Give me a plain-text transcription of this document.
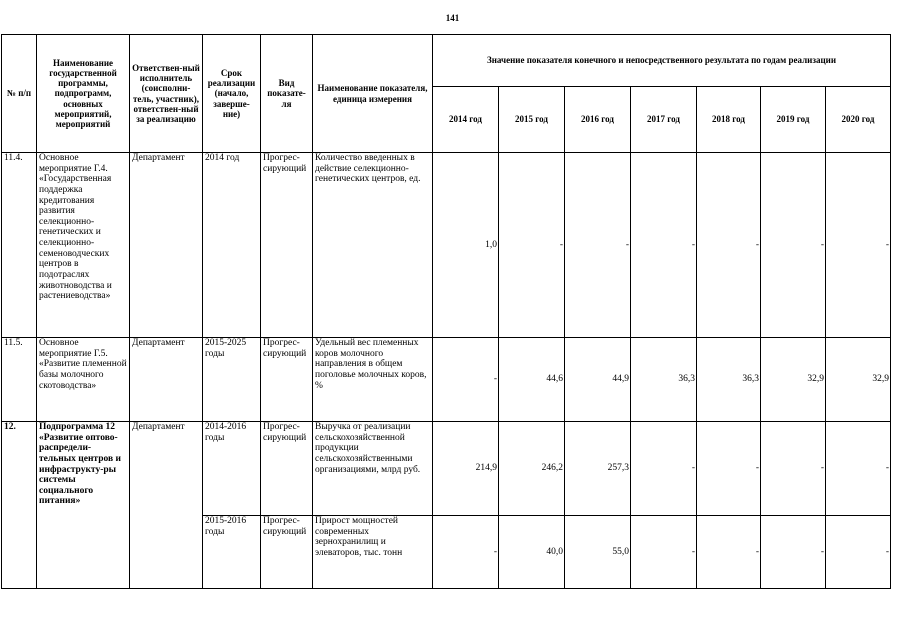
141
№ п/п	Наименование государственной программы, подпрограмм, основных мероприятий, мероприятий	Ответствен-ный исполнитель (соисполни-тель, участник), ответствен-ный за реализацию	Срок реализации (начало, заверше-ние)	Вид показате-ля	Наименование показателя, единица измерения	Значение показателя конечного и непосредственного результата по годам реализации						
						2014 год	2015 год	2016 год	2017 год	2018 год	2019 год	2020 год
11.4.	Основное мероприятие Г.4. «Государственная поддержка кредитования развития селекционно-генетических и селекционно-семеноводческих центров в подотраслях животноводства и растениеводства»	Департамент	2014 год	Прогрес-сирующий	Количество введенных в действие селекционно-генетических центров, ед.	1,0	-	-	-	-	-	-
11.5.	Основное мероприятие Г.5. «Развитие племенной базы молочного скотоводства»	Департамент	2015-2025 годы	Прогрес-сирующий	Удельный вес племенных коров молочного направления в общем поголовье молочных коров, %	-	44,6	44,9	36,3	36,3	32,9	32,9
12.	Подпрограмма 12 «Развитие оптово-распредели-тельных центров и инфраструкту-ры системы социального питания»	Департамент	2014-2016 годы	Прогрес-сирующий	Выручка от реализации сельскохозяйственной продукции сельскохозяйственными организациями, млрд руб.	214,9	246,2	257,3	-	-	-	-
			2015-2016 годы	Прогрес-сирующий	Прирост мощностей современных зернохранилищ и элеваторов, тыс. тонн	-	40,0	55,0	-	-	-	-
